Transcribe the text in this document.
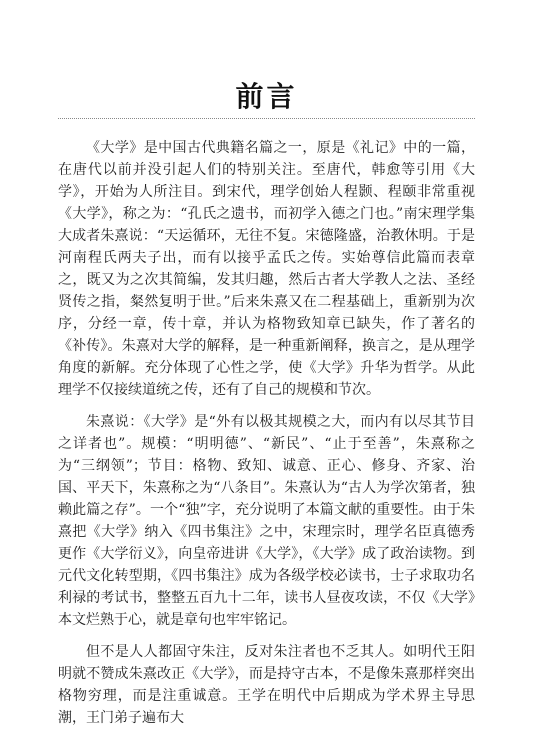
前言

《大学》是中国古代典籍名篇之一，原是《礼记》中的一篇，在唐代以前并没引起人们的特别关注。至唐代，韩愈等引用《大学》，开始为人所注目。到宋代，理学创始人程颢、程颐非常重视《大学》，称之为：“孔氏之遗书，而初学入德之门也。”南宋理学集大成者朱熹说：“天运循环，无往不复。宋德隆盛，治教休明。于是河南程氏两夫子出，而有以接乎孟氏之传。实始尊信此篇而表章之，既又为之次其简编，发其归趣，然后古者大学教人之法、圣经贤传之指，粲然复明于世。”后来朱熹又在二程基础上，重新别为次序，分经一章，传十章，并认为格物致知章已缺失，作了著名的《补传》。朱熹对大学的解释，是一种重新阐释，换言之，是从理学角度的新解。充分体现了心性之学，使《大学》升华为哲学。从此理学不仅接续道统之传，还有了自己的规模和节次。

朱熹说：《大学》是“外有以极其规模之大，而内有以尽其节目之详者也”。规模：“明明德”、“新民”、“止于至善”，朱熹称之为“三纲领”；节目：格物、致知、诚意、正心、修身、齐家、治国、平天下，朱熹称之为“八条目”。朱熹认为“古人为学次第者，独赖此篇之存”。一个“独”字，充分说明了本篇文献的重要性。由于朱熹把《大学》纳入《四书集注》之中，宋理宗时，理学名臣真德秀更作《大学衍义》，向皇帝进讲《大学》，《大学》成了政治读物。到元代文化转型期，《四书集注》成为各级学校必读书，士子求取功名利禄的考试书，整整五百九十二年，读书人昼夜攻读，不仅《大学》本文烂熟于心，就是章句也牢牢铭记。

但不是人人都固守朱注，反对朱注者也不乏其人。如明代王阳明就不赞成朱熹改正《大学》，而是持守古本，不是像朱熹那样突出格物穷理，而是注重诚意。王学在明代中后期成为学术界主导思潮，王门弟子遍布大
